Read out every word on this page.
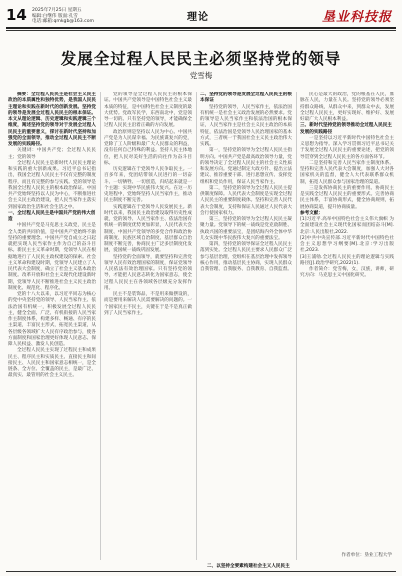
14 2025年7月25日 星期五
编辑:白继伟 版面:孔雪
电话:邮箱:qmkgb@163.com	理论	垦业科技报
发展全过程人民民主必须坚持党的领导
党雪梅

摘要：全过程人民民主是社会主义民主政治的本质属性和独特优势，是我国人民民主理论和实践在新时代的创新发展。坚持党的领导是发展全过程人民民主的根本保证。本文从理论逻辑、历史逻辑和实践逻辑三个维度，阐述坚持党的领导对于发展全过程人民民主的重要意义，探讨在新时代坚持和加强党的全面领导，推动全过程人民民主不断发展的实践路径。

关键词：中国共产党；全过程人民民主；党的领导

全过程人民民主是新时代人民民主理论和实践的重大创新成果。习近平总书记指出，我国全过程人民民主不仅有完整的制度程序，而且有完整的参与实践。党的领导是我国全过程人民民主的根本政治保证。中国共产党始终坚持以人民为中心，不断推进社会主义民主政治建设，把人民当家作主落实到国家政治生活和社会生活之中。

一、全过程人民民主是中国共产党的伟大创造

中国共产党是马克思主义政党，民主是全人类的共同价值，是中国共产党始终不渝坚持的重要理念。中国共产党自成立之日起就把实现人民当家作主作为自己的奋斗目标。新民主主义革命时期，党领导人民在根据地进行了人民民主政权建设的探索。社会主义革命和建设时期，党领导人民建立了人民代表大会制度，确立了社会主义基本政治制度。改革开放和社会主义现代化建设新时期，党领导人民不断推进社会主义民主政治制度化、规范化、程序化。

党的十八大以来，以习近平同志为核心的党中央坚持党的领导、人民当家作主、依法治国有机统一，积极发展全过程人民民主，健全全面、广泛、有机衔接的人民当家作主制度体系，构建多样、畅通、有序的民主渠道，丰富民主形式，拓宽民主渠道，从各层级各领域扩大人民有序政治参与，使各方面制度和国家治理更好体现人民意志、保障人民权益、激发人民创造。

全过程人民民主实现了过程民主和成果民主、程序民主和实质民主、直接民主和间接民主、人民民主和国家意志相统一，是全链条、全方位、全覆盖的民主，是最广泛、最真实、最管用的社会主义民主。

党的领导是全过程人民民主的根本保证。中国共产党领导是中国特色社会主义最本质的特征，是中国特色社会主义制度的最大优势。党政军民学，东西南北中，党是领导一切的。只有坚持党的领导，才能确保全过程人民民主沿着正确的方向发展。

政治原则是坚持以人民为中心。中国共产党是为人民谋幸福、为民族谋复兴的党，党除了工人阶级和最广大人民群众的利益，没有任何自己特殊的利益。坚持人民主体地位，把人民对美好生活的向往作为奋斗目标。

历史逻辑在于党领导人民争取民主。一百多年来，党团结带领人民进行的一切奋斗、一切牺牲、一切创造，归结起来就是一个主题：实现中华民族伟大复兴。在这一历史进程中，党始终坚持人民当家作主，推动民主制度不断完善。

实践逻辑在于党领导人民发展民主。新时代以来，我国民主政治建设取得历史性成就，党的领导、人民当家作主、依法治国有机统一的制度优势更加彰显，人民代表大会制度、中国共产党领导的多党合作和政治协商制度、民族区域自治制度、基层群众自治制度不断完善，协商民主广泛多层制度化发展，爱国统一战线巩固发展。

坚持党的全面领导，就要坚持和完善党领导人民有效治理国家的制度，保证党领导人民依法有效治理国家。只有坚持党的领导，才能把人民意志转化为国家意志，使全过程人民民主在各领域各层级充分发挥作用。

民主不是装饰品，不是用来做摆设的，而是要用来解决人民需要解决的问题的。一个国家民主不民主，关键在于是不是真正做到了人民当家作主。

二、坚持党的领导是发展全过程人民民主的根本保证

坚持党的领导，人民当家作主，依法治国有机统一是社会主义政治发展的必然要求。党的领导是人民当家作主和依法治国的根本保证，人民当家作主是社会主义民主政治的本质特征，依法治国是党领导人民治理国家的基本方式，三者统一于我国社会主义民主政治伟大实践。

第一，坚持党的领导为全过程人民民主指明方向。中国共产党是最高政治领导力量，党的领导决定了全过程人民民主的社会主义性质和发展方向。党通过制定大政方针、提出立法建议、推荐重要干部、进行思想宣传、发挥党组织和党员作用，保证人民当家作主。

第二，坚持党的领导为全过程人民民主提供制度保障。人民代表大会制度是实现全过程人民民主的重要制度载体。坚持和完善人民代表大会制度，支持和保证人民通过人民代表大会行使国家权力。

第三，坚持党的领导为全过程人民民主凝聚力量。党领导下的统一战线是党克敌制胜、执政兴国的重要法宝，是团结海内外全体中华儿女实现中华民族伟大复兴的重要法宝。

第四，坚持党的领导保证全过程人民民主落到实处。全过程人民民主要求人民群众广泛参与基层治理，党组织在基层治理中发挥领导核心作用，推动基层民主协商，实现人民群众自我管理、自我服务、自我教育、自我监督。

民心是最大的政治，党的根基在人民，血脉在人民，力量在人民。坚持党的领导必须坚持群众路线，从群众中来，到群众中去，发展全过程人民民主，更好实现好、维护好、发展好最广大人民根本利益。

三、新时代坚持党的领导推动全过程人民民主发展的实践路径

一是坚持以习近平新时代中国特色社会主义思想为指导。深入学习贯彻习近平总书记关于发展全过程人民民主的重要论述，把党的领导贯穿到全过程人民民主的各方面各环节。

二是坚持和完善人民当家作主制度体系。坚持和完善人民代表大会制度，加强人大对各国家机关的监督，健全人大代表联系群众机制，拓宽人民群众参与国家治理的渠道。

三是发挥协商民主的重要作用。协商民主是实践全过程人民民主的重要形式。完善协商民主体系，丰富协商形式，健全协商规则，拓展协商渠道，提升协商质量。

参考文献：

[1]习近平.高举中国特色社会主义伟大旗帜 为全面建设社会主义现代化国家而团结奋斗[M].北京:人民出版社,2022.

[2]中共中央宣传部.习近平新时代中国特色社会主义思想学习纲要[M].北京:学习出版社,2023.

[3]王浦劬.全过程人民民主的理论逻辑与实践路径[J].政治学研究,2022(1).

作者简介：党雪梅，女，汉族，讲师，研究方向：马克思主义中国化研究。

作者单位：垦业工程大学
二、以坚持全要素构建社会主义人民民主
